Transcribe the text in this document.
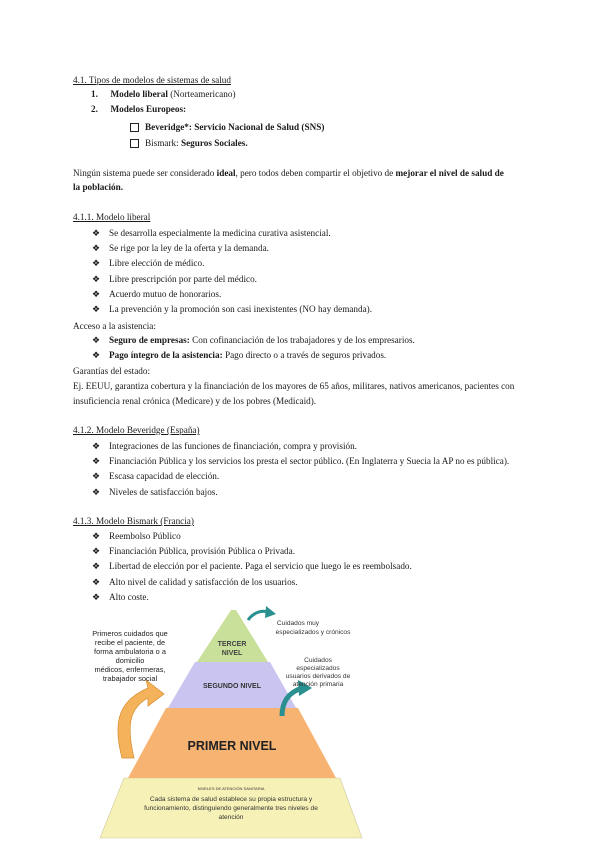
4.1. Tipos de modelos de sistemas de salud
1. Modelo liberal (Norteamericano)
2. Modelos Europeos:
Beveridge*: Servicio Nacional de Salud (SNS)
Bismark: Seguros Sociales.
Ningún sistema puede ser considerado ideal, pero todos deben compartir el objetivo de mejorar el nivel de salud de
la población.
4.1.1. Modelo liberal
❖ Se desarrolla especialmente la medicina curativa asistencial.
❖ Se rige por la ley de la oferta y la demanda.
❖ Libre elección de médico.
❖ Libre prescripción por parte del médico.
❖ Acuerdo mutuo de honorarios.
❖ La prevención y la promoción son casi inexistentes (NO hay demanda).
Acceso a la asistencia:
❖ Seguro de empresas: Con cofinanciación de los trabajadores y de los empresarios.
❖ Pago íntegro de la asistencia: Pago directo o a través de seguros privados.
Garantías del estado:
Ej. EEUU, garantiza cobertura y la financiación de los mayores de 65 años, militares, nativos americanos, pacientes con
insuficiencia renal crónica (Medicare) y de los pobres (Medicaid).
4.1.2. Modelo Beveridge (España)
❖ Integraciones de las funciones de financiación, compra y provisión.
❖ Financiación Pública y los servicios los presta el sector público. (En Inglaterra y Suecia la AP no es pública).
❖ Escasa capacidad de elección.
❖ Niveles de satisfacción bajos.
4.1.3. Modelo Bismark (Francia)
❖ Reembolso Público
❖ Financiación Pública, provisión Pública o Privada.
❖ Libertad de elección por el paciente. Paga el servicio que luego le es reembolsado.
❖ Alto nivel de calidad y satisfacción de los usuarios.
❖ Alto coste.
TERCER
NIVEL
SEGUNDO NIVEL
PRIMER NIVEL
NIVELES DE ATENCIÓN SANITARIA
Cada sistema de salud establece su propia estructura y
funcionamiento, distinguiendo generalmente tres niveles de
atención
Primeros cuidados que
recibe el paciente, de
forma ambulatoria o a
domicilio
médicos, enfermeras,
trabajador social
Cuidados muy
especializados y crónicos
Cuidados
especializados
usuarios derivados de
atención primaria
